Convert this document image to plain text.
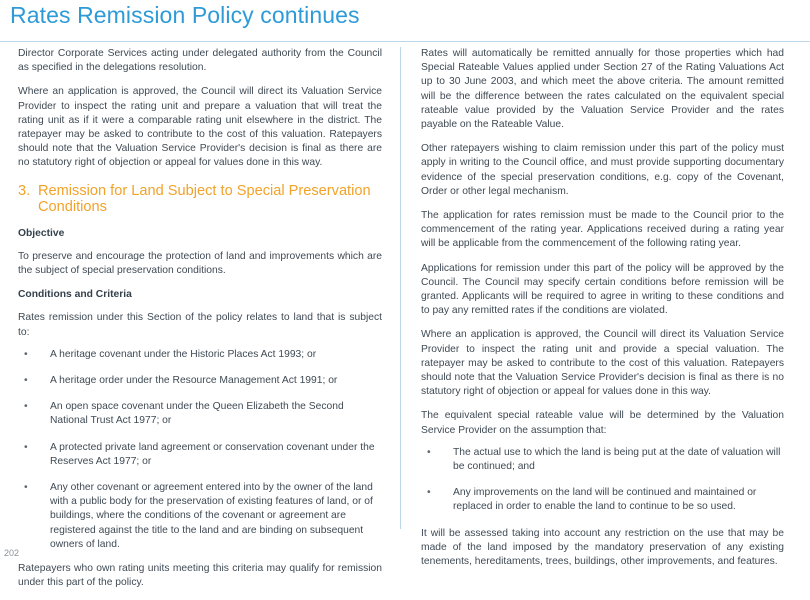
Rates Remission Policy continues

Director Corporate Services acting under delegated authority from the Council as specified in the delegations resolution.

Where an application is approved, the Council will direct its Valuation Service Provider to inspect the rating unit and prepare a valuation that will treat the rating unit as if it were a comparable rating unit elsewhere in the district. The ratepayer may be asked to contribute to the cost of this valuation. Ratepayers should note that the Valuation Service Provider's decision is final as there are no statutory right of objection or appeal for values done in this way.

3. Remission for Land Subject to Special Preservation Conditions
Objective

To preserve and encourage the protection of land and improvements which are the subject of special preservation conditions.

Conditions and Criteria

Rates remission under this Section of the policy relates to land that is subject to:

• A heritage covenant under the Historic Places Act 1993; or
• A heritage order under the Resource Management Act 1991; or
• An open space covenant under the Queen Elizabeth the Second National Trust Act 1977; or
• A protected private land agreement or conservation covenant under the Reserves Act 1977; or
• Any other covenant or agreement entered into by the owner of the land with a public body for the preservation of existing features of land, or of buildings, where the conditions of the covenant or agreement are registered against the title to the land and are binding on subsequent owners of land.

Ratepayers who own rating units meeting this criteria may qualify for remission under this part of the policy.

Rates will automatically be remitted annually for those properties which had Special Rateable Values applied under Section 27 of the Rating Valuations Act up to 30 June 2003, and which meet the above criteria. The amount remitted will be the difference between the rates calculated on the equivalent special rateable value provided by the Valuation Service Provider and the rates payable on the Rateable Value.

Other ratepayers wishing to claim remission under this part of the policy must apply in writing to the Council office, and must provide supporting documentary evidence of the special preservation conditions, e.g. copy of the Covenant, Order or other legal mechanism.

The application for rates remission must be made to the Council prior to the commencement of the rating year. Applications received during a rating year will be applicable from the commencement of the following rating year.

Applications for remission under this part of the policy will be approved by the Council. The Council may specify certain conditions before remission will be granted. Applicants will be required to agree in writing to these conditions and to pay any remitted rates if the conditions are violated.

Where an application is approved, the Council will direct its Valuation Service Provider to inspect the rating unit and provide a special valuation. The ratepayer may be asked to contribute to the cost of this valuation. Ratepayers should note that the Valuation Service Provider's decision is final as there is no statutory right of objection or appeal for values done in this way.

The equivalent special rateable value will be determined by the Valuation Service Provider on the assumption that:

• The actual use to which the land is being put at the date of valuation will be continued; and
• Any improvements on the land will be continued and maintained or replaced in order to enable the land to continue to be so used.

It will be assessed taking into account any restriction on the use that may be made of the land imposed by the mandatory preservation of any existing tenements, hereditaments, trees, buildings, other improvements, and features.

202
